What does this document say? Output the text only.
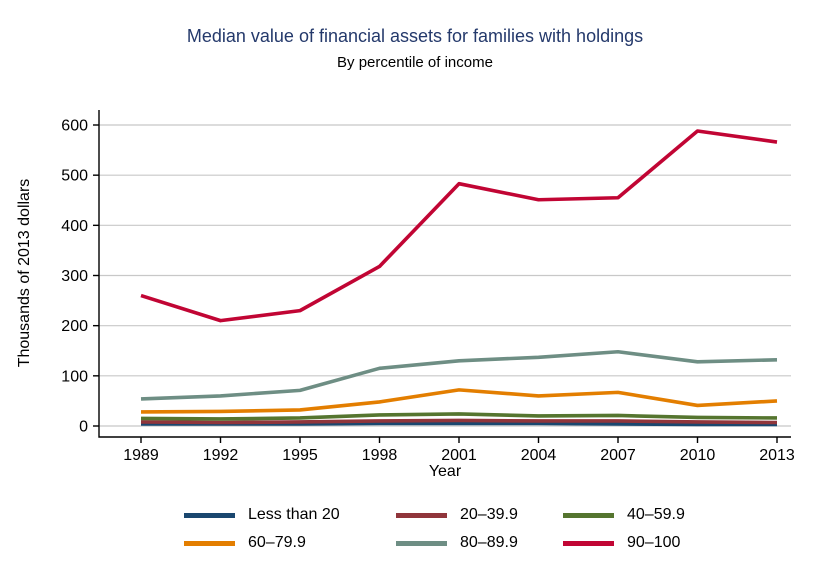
Median value of financial assets for families with holdings
By percentile of income
Thousands of 2013 dollars
0
100
200
300
400
500
600
1989	1992	1995	1998	2001	2004	2007	2010	2013
Year
Less than 20	20–39.9	40–59.9
60–79.9	80–89.9	90–100
